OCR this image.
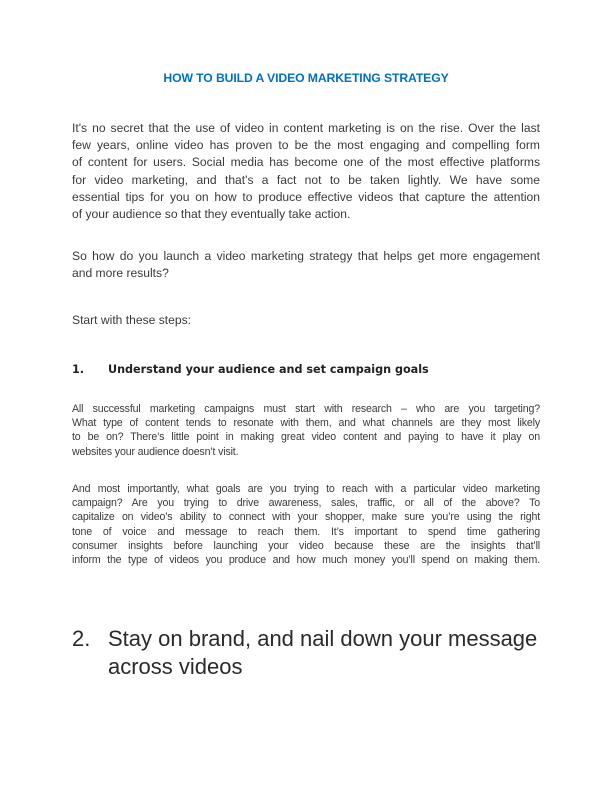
HOW TO BUILD A VIDEO MARKETING STRATEGY
It's no secret that the use of video in content marketing is on the rise. Over the last
few years, online video has proven to be the most engaging and compelling form
of content for users. Social media has become one of the most effective platforms
for video marketing, and that's a fact not to be taken lightly. We have some
essential tips for you on how to produce effective videos that capture the attention
of your audience so that they eventually take action.
So how do you launch a video marketing strategy that helps get more engagement
and more results?
Start with these steps:
1. Understand your audience and set campaign goals
All successful marketing campaigns must start with research – who are you targeting?
What type of content tends to resonate with them, and what channels are they most likely
to be on? There’s little point in making great video content and paying to have it play on
websites your audience doesn’t visit.
And most importantly, what goals are you trying to reach with a particular video marketing
campaign? Are you trying to drive awareness, sales, traffic, or all of the above? To
capitalize on video’s ability to connect with your shopper, make sure you’re using the right
tone of voice and message to reach them. It’s important to spend time gathering
consumer insights before launching your video because these are the insights that’ll
inform the type of videos you produce and how much money you’ll spend on making them.
2. Stay on brand, and nail down your message
across videos
